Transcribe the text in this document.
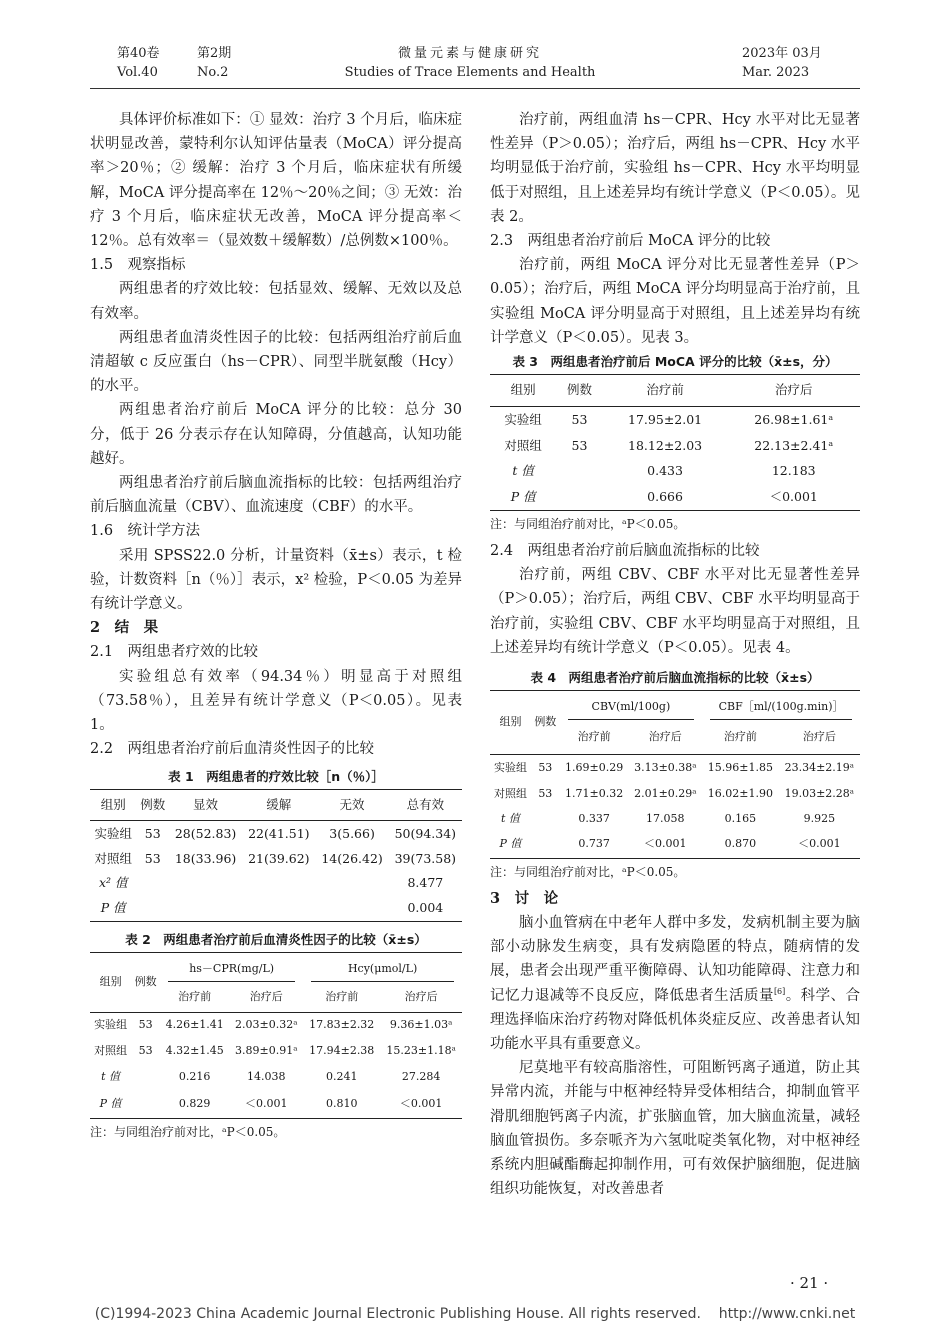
第40卷	第2期
Vol.40	No.2
微量元素与健康研究
Studies of Trace Elements and Health
2023年 03月
Mar. 2023

具体评价标准如下：① 显效：治疗 3 个月后，临床症状明显改善，蒙特利尔认知评估量表（MoCA）评分提高率＞20％；② 缓解：治疗 3 个月后，临床症状有所缓解，MoCA 评分提高率在 12％～20％之间；③ 无效：治疗 3 个月后，临床症状无改善，MoCA 评分提高率＜12％。总有效率＝（显效数＋缓解数）/总例数×100％。

1.5　观察指标

两组患者的疗效比较：包括显效、缓解、无效以及总有效率。

两组患者血清炎性因子的比较：包括两组治疗前后血清超敏 c 反应蛋白（hs－CPR）、同型半胱氨酸（Hcy）的水平。

两组患者治疗前后 MoCA 评分的比较：总分 30 分，低于 26 分表示存在认知障碍，分值越高，认知功能越好。

两组患者治疗前后脑血流指标的比较：包括两组治疗前后脑血流量（CBV）、血流速度（CBF）的水平。

1.6　统计学方法

采用 SPSS22.0 分析，计量资料（x̄±s）表示，t 检验，计数资料［n（％）］表示，x² 检验，P＜0.05 为差异有统计学意义。

2　结　果

2.1　两组患者疗效的比较

实验组总有效率（94.34％）明显高于对照组（73.58％），且差异有统计学意义（P＜0.05）。见表 1。

2.2　两组患者治疗前后血清炎性因子的比较

表 1　两组患者的疗效比较［n（％）］
组别	例数	显效	缓解	无效	总有效
实验组	53	28(52.83)	22(41.51)	3(5.66)	50(94.34)
对照组	53	18(33.96)	21(39.62)	14(26.42)	39(73.58)
x² 值					8.477
P 值					0.004
表 2　两组患者治疗前后血清炎性因子的比较（x̄±s）
组别	例数	hs－CPR(mg/L)		Hcy(μmol/L)	

		治疗前	治疗后	治疗前	治疗后
实验组	53	4.26±1.41	2.03±0.32ᵃ	17.83±2.32	9.36±1.03ᵃ
对照组	53	4.32±1.45	3.89±0.91ᵃ	17.94±2.38	15.23±1.18ᵃ
t 值		0.216	14.038	0.241	27.284
P 值		0.829	＜0.001	0.810	＜0.001
注：与同组治疗前对比，ᵃP＜0.05。

治疗前，两组血清 hs－CPR、Hcy 水平对比无显著性差异（P＞0.05）；治疗后，两组 hs－CPR、Hcy 水平均明显低于治疗前，实验组 hs－CPR、Hcy 水平均明显低于对照组，且上述差异均有统计学意义（P＜0.05）。见表 2。

2.3　两组患者治疗前后 MoCA 评分的比较

治疗前，两组 MoCA 评分对比无显著性差异（P＞0.05）；治疗后，两组 MoCA 评分均明显高于治疗前，且实验组 MoCA 评分明显高于对照组，且上述差异均有统计学意义（P＜0.05）。见表 3。

表 3　两组患者治疗前后 MoCA 评分的比较（x̄±s，分）
组别	例数	治疗前	治疗后
实验组	53	17.95±2.01	26.98±1.61ᵃ
对照组	53	18.12±2.03	22.13±2.41ᵃ
t 值		0.433	12.183
P 值		0.666	＜0.001
注：与同组治疗前对比，ᵃP＜0.05。

2.4　两组患者治疗前后脑血流指标的比较

治疗前，两组 CBV、CBF 水平对比无显著性差异（P＞0.05）；治疗后，两组 CBV、CBF 水平均明显高于治疗前，实验组 CBV、CBF 水平均明显高于对照组，且上述差异均有统计学意义（P＜0.05）。见表 4。

表 4　两组患者治疗前后脑血流指标的比较（x̄±s）
组别	例数	CBV(ml/100g)		CBF［ml/(100g.min)］	

		治疗前	治疗后	治疗前	治疗后
实验组	53	1.69±0.29	3.13±0.38ᵃ	15.96±1.85	23.34±2.19ᵃ
对照组	53	1.71±0.32	2.01±0.29ᵃ	16.02±1.90	19.03±2.28ᵃ
t 值		0.337	17.058	0.165	9.925
P 值		0.737	＜0.001	0.870	＜0.001
注：与同组治疗前对比，ᵃP＜0.05。

3　讨　论

脑小血管病在中老年人群中多发，发病机制主要为脑部小动脉发生病变，具有发病隐匿的特点，随病情的发展，患者会出现严重平衡障碍、认知功能障碍、注意力和记忆力退减等不良反应，降低患者生活质量[6]。科学、合理选择临床治疗药物对降低机体炎症反应、改善患者认知功能水平具有重要意义。

尼莫地平有较高脂溶性，可阻断钙离子通道，防止其异常内流，并能与中枢神经特异受体相结合，抑制血管平滑肌细胞钙离子内流，扩张脑血管，加大脑血流量，减轻脑血管损伤。多奈哌齐为六氢吡啶类氧化物，对中枢神经系统内胆碱酯酶起抑制作用，可有效保护脑细胞，促进脑组织功能恢复，对改善患者

· 21 ·
(C)1994-2023 China Academic Journal Electronic Publishing House. All rights reserved.    http://www.cnki.net
